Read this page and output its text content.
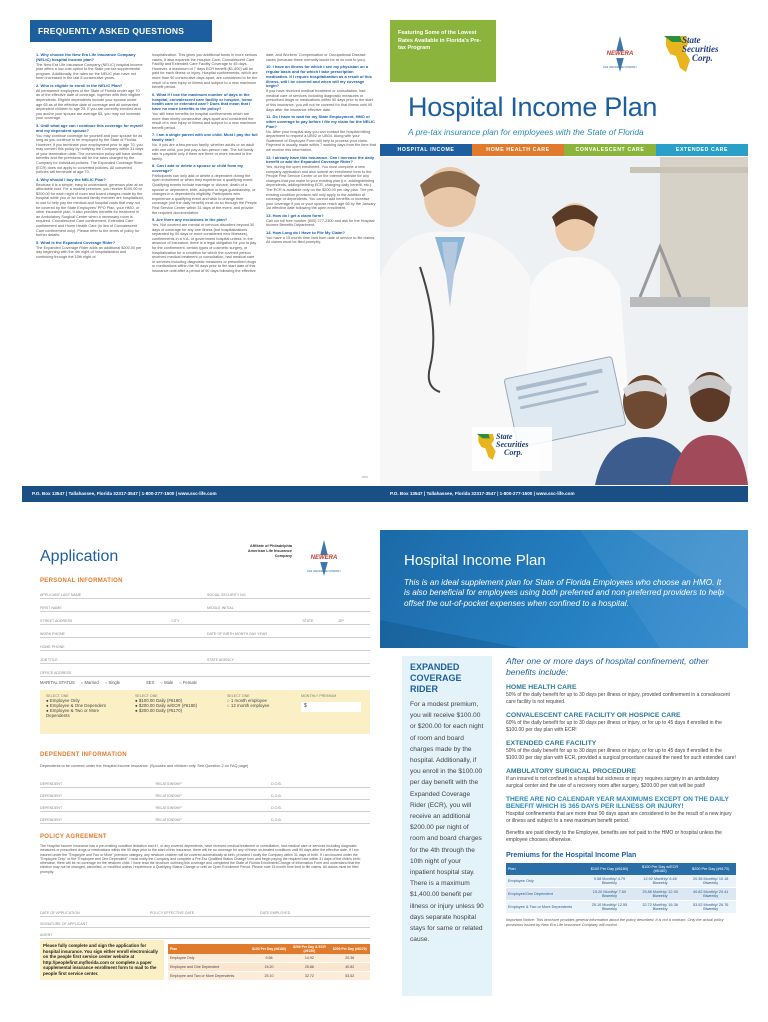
FREQUENTLY ASKED QUESTIONS
1. Why choose the New Era Life Insurance Company (NELIC) hospital income plan?
The New Era Life Insurance Company (NELIC) hospital income plan offers a low cost option to the State pre-tax supplemental program. Additionally, the rates for the NELIC plan have not been increased in the last 8 consecutive years.
2. Who is eligible to enroll in the NELIC Plan?
All permanent employees of the State of Florida under age 70 as of the effective date of coverage, together with their eligible dependents. Eligible dependents include your spouse under age 65 as of the effective date of coverage and all unmarried dependent children to age 25. If you are currently enrolled and you and/or your spouse are average 65, you may not increase your coverage.
3. Until what age can I continue this coverage for myself and my dependent spouse?
You may continue coverage for yourself and your spouse for as long as you continue to be employed by the State of Florida. However, if you terminate your employment prior to age 70, you may convert this policy by notifying the Company within 31 days of your termination date. The conversion policy will have similar benefits and the premiums will be the rates charged by the Company for individual policies. The Expanded Coverage Rider (ECR) does not apply to converted policies. All converted policies will terminate at age 70.
4. Why should I buy the NELIC Plan?
Because it is a simple, easy to understand, generous plan at an affordable cost. For a modest premium, you receive $100.00 or $200.00 for each night of room and board charges made by the hospital while you or an insured family member are hospitalized, to use to help pay the medical and hospital costs that may not be covered by the State Employees' PPO Plan, your HMO, or other insurance plan. It also provides benefits for treatment in an Ambulatory Surgical Center when a necessary room is required. Convalescent Care confinement, Extended Care confinement and Home Health Care (in lieu of Convalescent Care confinement only). Please refer to the terms of policy for further details.
5. What is the Expanded Coverage Rider?
The Expanded Coverage Rider adds an additional $200.00 per day beginning with the 4th night of hospitalization and continuing through the 10th night of
hospitalization. This gives you additional funds in more serious cases. It also expands the Hospice Care, Convalescent Care Facility and Extended Care Facility Coverage to 45 days. However, a maximum of 7 days ECR benefit ($1,400) will be paid for each illness or injury. Hospital confinements, which are more than 90 consecutive days apart, are considered to be the result of a new injury or illness and subject to a new maximum benefit period.
6. What if I use the maximum number of days in the hospital, convalescent care facility or hospice, home health care or extended care? Does that mean that I have no more benefits in the policy?
You still have benefits for hospital confinements which are more than ninety consecutive days apart and considered the result of a new injury or illness and subject to a new maximum benefit period.
7. I am a single parent with one child. Must I pay the full family rate?
No. If you are a two-person family, whether adults or an adult with one child, you just pay a two-person rate. The full family rate is payable only if there are three or more insured in the family.
8. Can I add or delete a spouse or child from my coverage?
Participants can only add or delete a dependent during the open enrollment or when they experience a qualifying event. Qualifying events include marriage or divorce, death of a spouse or dependent, birth, adoption or legal guardianship, or changes in a dependent's eligibility. Participants who experience a qualifying event and wish to change their coverage (not the daily benefit) must do so through the People First Service Center within 31 days of the event, and provide the required documentation.
9. Are there any exclusions in the plan?
Yes. Not covered are mental or nervous disorders beyond 30 days of coverage for any one illness (but hospitalizations separated by 90 days or more considered new illnesses), confinements in a V.A. or government hospital unless, in the absence of insurance, there is a legal obligation for you to pay for the confinement, certain types of cosmetic surgery, or hospitalization for a condition for which the covered person received medical treatment or consultation, had medical care or services including diagnostic measures or prescribed drugs or medications within the 90 days prior to the start date of this insurance until after a period of 90 days following the effective
date, and Workers' Compensation or Occupational Disease cases (because these normally would be at no cost to you).
10. I have an illness for which I see my physician on a regular basis and for which I take prescription medication. If I require hospitalization as a result of this illness, will I be covered and when will my coverage begin?
If you have received medical treatment or consultation, had medical care or services including diagnostic measures or prescribed drugs or medications within 90 days prior to the start of this insurance, you will not be covered for that illness until 90 days after the insurance effective date.
11. Do I have to wait for my State Employment, HMO or other coverage to pay before I file my claim for the NELIC Plan?
No. After your hospital stay you can contact the hospital billing department to request a UB92 or UB04. Along with your Statement of Employee Form will help to process your claim. Payment is usually made within 7 working days from the time that we receive this information.
12. I already have this insurance. Can I increase the daily benefit or add the Expanded Coverage Rider?
Yes, during the open enrollment. You must complete a new company application and also submit an enrollment form to the People First Service Center or on the Internet website for any changes that you make to your existing plan (i.e. adding/deleting dependents, adding/deleting ECR, changing daily benefit, etc.). The ECR is available only on the $200.00 per day plan. The pre-existing condition provision will only apply to the addition of coverage or dependents. You cannot add benefits or increase your coverage if you or your spouse reach age 66 by the January 1st effective date following the open enrollment.
13. How do I get a claim form?
Call our toll free number (800) 277-2300 and ask for the Hospital Income Benefits Department.
14. How Long do I Have to File My Claim?
You have a 15 month time limit from date of service to file claims. All claims must be filed promptly.
P.O. Box 13547 | Tallahassee, Florida 32317-3547 | 1-800-277-1500 | www.ssc-life.com
5/08
Featuring Some of the Lowest Rates Available in Florida's Pre-tax Program
NEWERA
LIFE INSURANCE COMPANY
State
Securities
Corp.
Hospital Income Plan
A pre-tax insurance plan for employees with the State of Florida
HOSPITAL INCOME	HOME HEALTH CARE	CONVALESCENT CARE	EXTENDED CARE
State
Securities
Corp.
P.O. Box 13547 | Tallahassee, Florida 32317-3547 | 1-800-277-1500 | www.ssc-life.com
Application
Affiliate of Philadelphia American Life Insurance Company	NEWERA
LIFE INSURANCE COMPANY
PERSONAL INFORMATION
APPLICANT LAST NAME	SOCIAL SECURITY NO.
FIRST NAME	MIDDLE INITIAL
STREET ADDRESS	CITY	STATE	ZIP
WORK PHONE	DATE OF BIRTH MONTH DAY YEAR
HOME PHONE
JOB TITLE	STATE AGENCY
OFFICE ADDRESS
MARITAL STATUS ○ Married ○ Single	SEX ○ Male ○ Female
SELECT ONE
● Employee Only
● Employee & One Dependent
● Employee & Two or More Dependents
SELECT ONE
● $100.00 Daily (#6180)
● $200.00 Daily w/ECR (#6180)
● $200.00 Daily (#6170)
SELECT ONE
○ 1 month employee
○ 12 month employee
MONTHLY PREMIUM
$
DEPENDENT INFORMATION
Dependents to be covered under the Hospital Income Insurance: (Spouses and children only. See Question 2 on FAQ page)
DEPENDENT	RELATIONSHIP	D.O.B.
DEPENDENT	RELATIONSHIP	D.O.B.
DEPENDENT	RELATIONSHIP	D.O.B.
DEPENDENT	RELATIONSHIP	D.O.B.
POLICY AGREEMENT
The Hospital Income Insurance has a pre-existing condition limitation and if I, or any covered dependents, have received medical treatment or consultation, had medical care or services including diagnostic measures or prescribed drugs or medications within the 90 days prior to the start of this insurance, there will be no coverage for any of these un-treated conditions until 90 days after the effective date. If I am insured under the "Employee and Two or More" premium category, any newborn children will be covered automatically at birth, provided I notify the Company within 31 days of birth. If I am insured under the "Employee Only" or the "Employee and One Dependent" I must notify the Company and complete a Pre-Tax Qualified Status Change form and begin paying the required rate within 31 days of the child's birth; otherwise, there will be no coverage for the newborn child. I have read the brochure outlining this coverage and completed the State of Florida Enrollment/Change of Information Form and understand that the election may not be changed, cancelled, or modified unless I experience a Qualifying Status Change or until an Open Enrollment Period. Please note 15 month time limit to file claims. All claims must be filed promptly.
DATE OF APPLICATION	POLICY EFFECTIVE DATE	DATE EMPLOYED
SIGNATURE OF APPLICANT
AGENT
Please fully complete and sign the application for hospital insurance. You sign either enroll electronically on the people first service center website at http://peoplefirst.myflorida.com or complete a paper supplemental insurance enrollment form to mail to the people first service center.
Plan	$100 Per Day (#6180)	$200 Per Day & ECR (#6180)	$200 Per Day (#6170)
Employee Only	9.58	14.92	20.36
Employee and One Dependent	15.20	25.86	40.82
Employee and Two or More Dependents	25.10	32.72	53.52
Hospital Income Plan
This is an ideal supplement plan for State of Florida Employees who choose an HMO. It is also beneficial for employees using both preferred and non-preferred providers to help offset the out-of-pocket expenses when confined to a hospital.
EXPANDED
COVERAGE RIDER
For a modest premium, you will receive $100.00 or $200.00 for each night of room and board charges made by the hospital. Additionally, if you enroll in the $100.00 per day benefit with the Expanded Coverage Rider (ECR), you will receive an additional $200.00 per night of room and board charges for the 4th through the 10th night of your inpatient hospital stay. There is a maximum $1,400.00 benefit per illness or injury unless 90 days separate hospital stays for same or related cause.
After one or more days of hospital confinement, other benefits include:
HOME HEALTH CARE
50% of the daily benefit for up to 30 days per illness or injury, provided confinement in a convalescent care facility is not required.
CONVALESCENT CARE FACILITY OR HOSPICE CARE
60% of the daily benefit for up to 30 days per illness or injury, or for up to 45 days if enrolled in the $100.00 per day plan with ECR!
EXTENDED CARE FACILITY
50% of the daily benefit for up to 30 days per illness or injury, or for up to 45 days if enrolled in the $100.00 per day plan with ECR, provided a surgical procedure caused the need for such extended care!
AMBULATORY SURGICAL PROCEDURE
If an insured is not confined in a hospital but sickness or injury requires surgery in an ambulatory surgical center and the use of a recovery room after surgery, $200.00 per visit will be paid!
THERE ARE NO CALENDAR YEAR MAXIMUMS EXCEPT ON THE DAILY BENEFIT WHICH IS 365 DAYS PER ILLNESS OR INJURY!
Hospital confinements that are more than 90 days apart are considered to be the result of a new injury or illness and subject to a new maximum benefit period.
Benefits are paid directly to the Employee, benefits are not paid to the HMO or hospital unless the employee chooses otherwise.
Premiums for the Hospital Income Plan
Plan	$100 Per Day (#6180)	$100 Per Day w/ECR (#6180)	$200 Per Day (#6170)
Employee Only	9.58 Monthly/ 4.79 Biweekly	12.92 Monthly/ 6.46 Biweekly	20.36 Monthly/ 10.18 Biweekly
Employee/One Dependent	15.20 Monthly/ 7.60 Biweekly	25.86 Monthly/ 12.93 Biweekly	40.82 Monthly/ 20.41 Biweekly
Employee & Two or More Dependents	25.10 Monthly/ 12.55 Biweekly	32.72 Monthly/ 16.36 Biweekly	53.52 Monthly/ 26.76 Biweekly
Important Notice: This brochure provides general information about the policy described. It is not a contract. Only the actual policy provisions issued by New Era Life Insurance Company will control.
